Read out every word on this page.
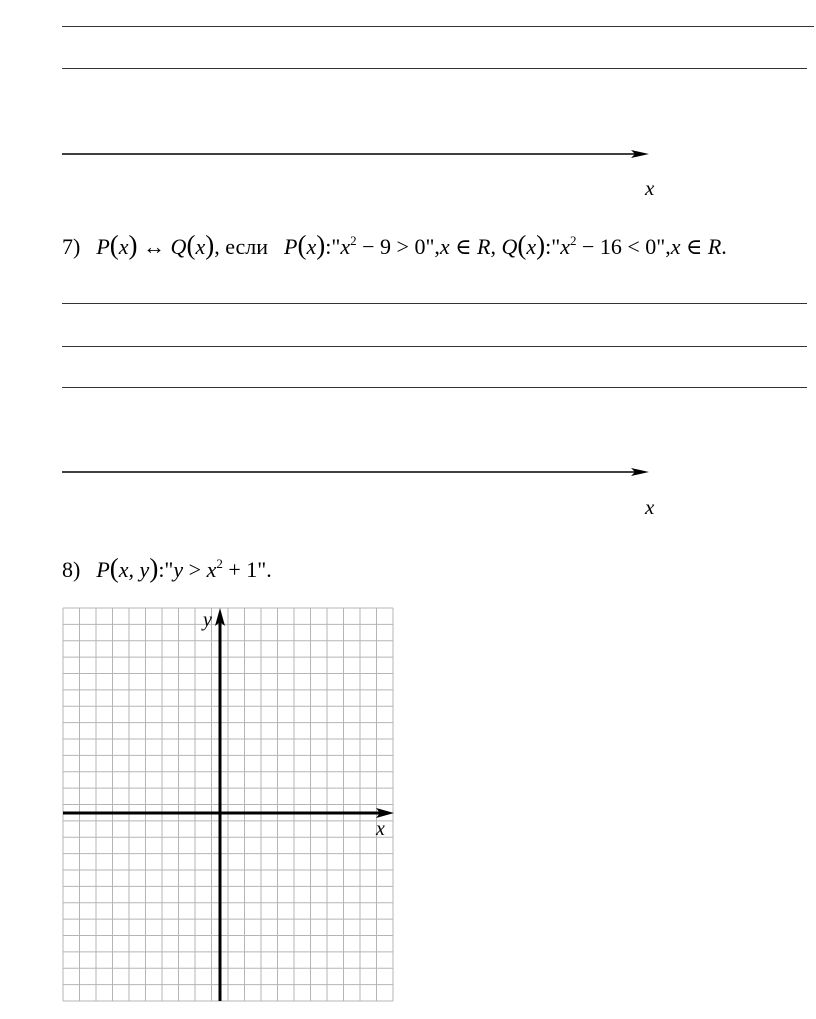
x
7) P(x) ↔ Q(x), если $P(x):"x^2 - 9$ > 0",x ∈ R, $Q(x):"x^2 - 16$ < 0",x ∈ R.
x
8) P(x, y):"y > $x^2 + 1$".
x
y
